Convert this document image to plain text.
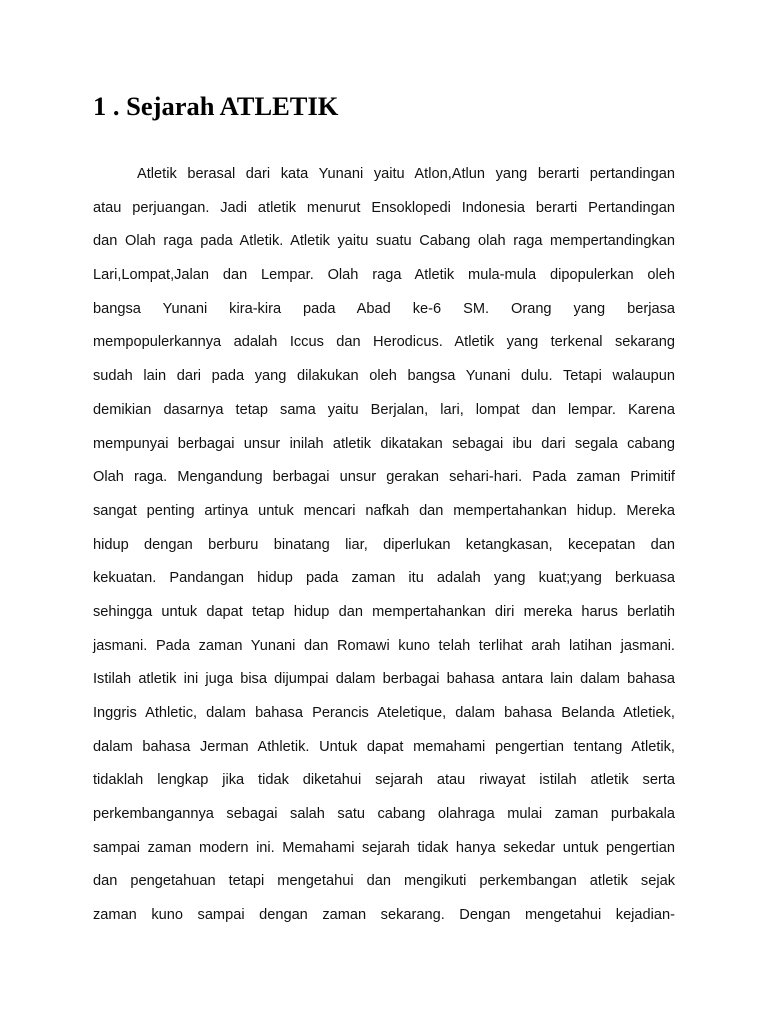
1 . Sejarah ATLETIK
Atletik berasal dari kata Yunani yaitu Atlon,Atlun yang berarti pertandingan
atau perjuangan. Jadi atletik menurut Ensoklopedi Indonesia berarti Pertandingan
dan Olah raga pada Atletik. Atletik yaitu suatu Cabang olah raga mempertandingkan
Lari,Lompat,Jalan dan Lempar. Olah raga Atletik mula-mula dipopulerkan oleh
bangsa Yunani kira-kira pada Abad ke-6 SM. Orang yang berjasa
mempopulerkannya adalah Iccus dan Herodicus. Atletik yang terkenal sekarang
sudah lain dari pada yang dilakukan oleh bangsa Yunani dulu. Tetapi walaupun
demikian dasarnya tetap sama yaitu Berjalan, lari, lompat dan lempar. Karena
mempunyai berbagai unsur inilah atletik dikatakan sebagai ibu dari segala cabang
Olah raga. Mengandung berbagai unsur gerakan sehari-hari. Pada zaman Primitif
sangat penting artinya untuk mencari nafkah dan mempertahankan hidup. Mereka
hidup dengan berburu binatang liar, diperlukan ketangkasan, kecepatan dan
kekuatan. Pandangan hidup pada zaman itu adalah yang kuat;yang berkuasa
sehingga untuk dapat tetap hidup dan mempertahankan diri mereka harus berlatih
jasmani. Pada zaman Yunani dan Romawi kuno telah terlihat arah latihan jasmani.
Istilah atletik ini juga bisa dijumpai dalam berbagai bahasa antara lain dalam bahasa
Inggris Athletic, dalam bahasa Perancis Ateletique, dalam bahasa Belanda Atletiek,
dalam bahasa Jerman Athletik. Untuk dapat memahami pengertian tentang Atletik,
tidaklah lengkap jika tidak diketahui sejarah atau riwayat istilah atletik serta
perkembangannya sebagai salah satu cabang olahraga mulai zaman purbakala
sampai zaman modern ini. Memahami sejarah tidak hanya sekedar untuk pengertian
dan pengetahuan tetapi mengetahui dan mengikuti perkembangan atletik sejak
zaman kuno sampai dengan zaman sekarang. Dengan mengetahui kejadian-
